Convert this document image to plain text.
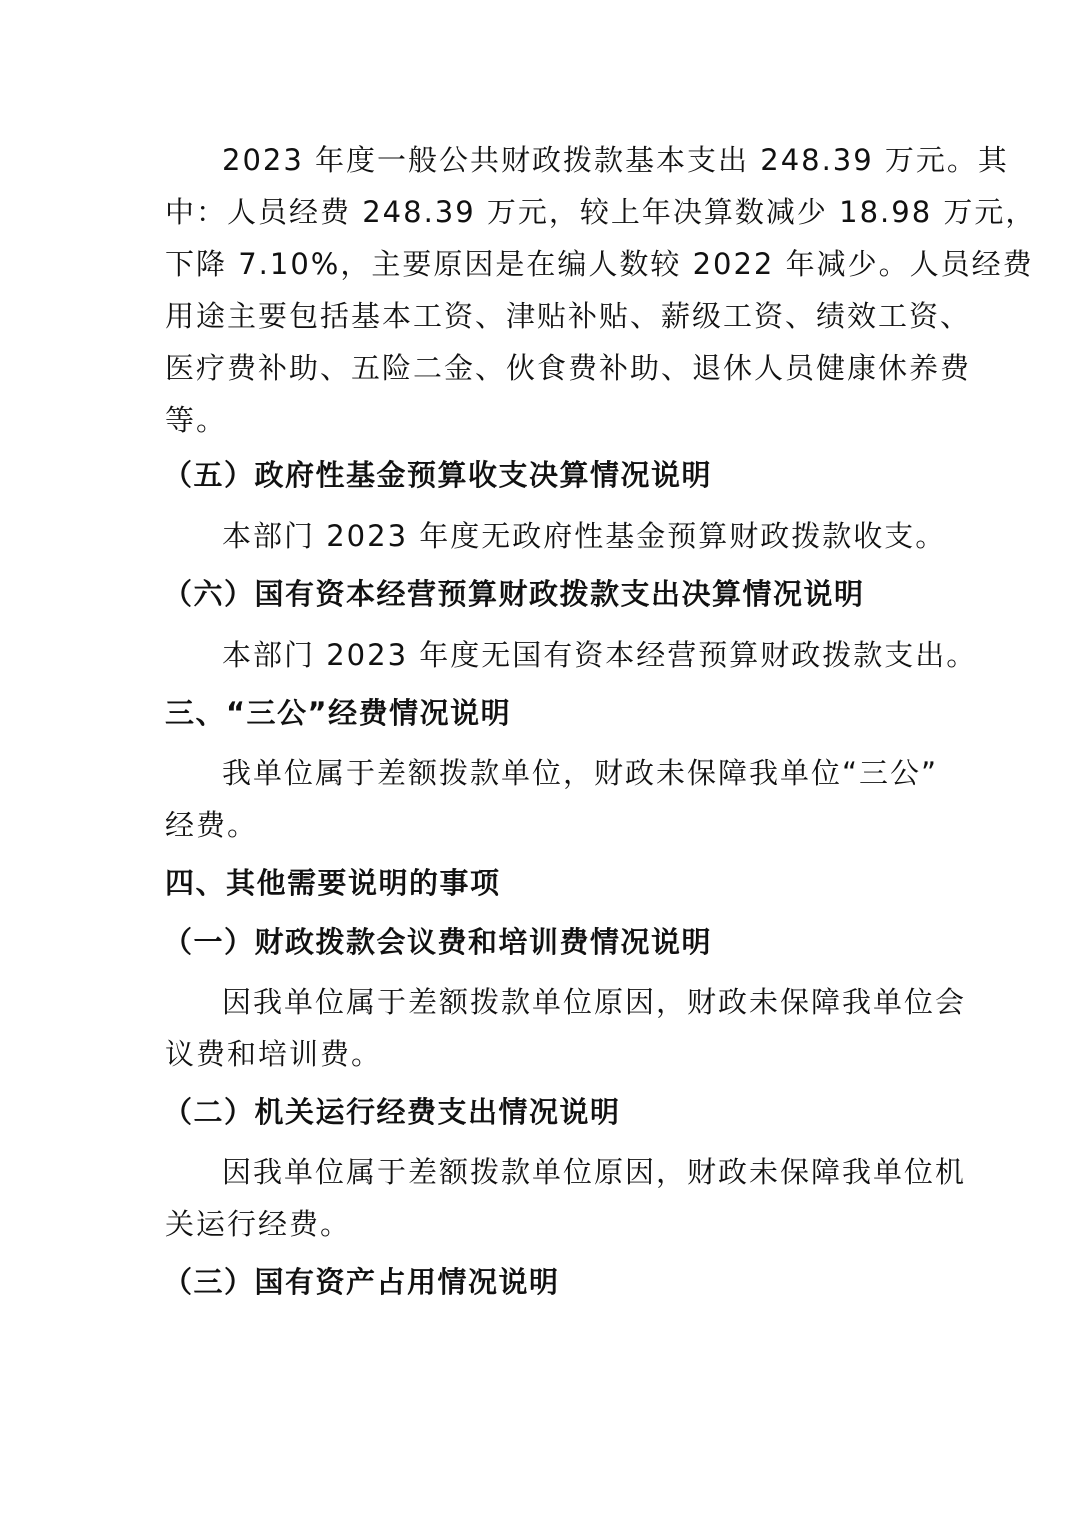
2023 年度一般公共财政拨款基本支出 248.39 万元。其
中：人员经费 248.39 万元，较上年决算数减少 18.98 万元，
下降 7.10%，主要原因是在编人数较 2022 年减少。人员经费
用途主要包括基本工资、津贴补贴、薪级工资、绩效工资、
医疗费补助、五险二金、伙食费补助、退休人员健康休养费
等。
（五）政府性基金预算收支决算情况说明
本部门 2023 年度无政府性基金预算财政拨款收支。
（六）国有资本经营预算财政拨款支出决算情况说明
本部门 2023 年度无国有资本经营预算财政拨款支出。
三、“三公”经费情况说明
我单位属于差额拨款单位，财政未保障我单位“三公”
经费。
四、其他需要说明的事项
（一）财政拨款会议费和培训费情况说明
因我单位属于差额拨款单位原因，财政未保障我单位会
议费和培训费。
（二）机关运行经费支出情况说明
因我单位属于差额拨款单位原因，财政未保障我单位机
关运行经费。
（三）国有资产占用情况说明
